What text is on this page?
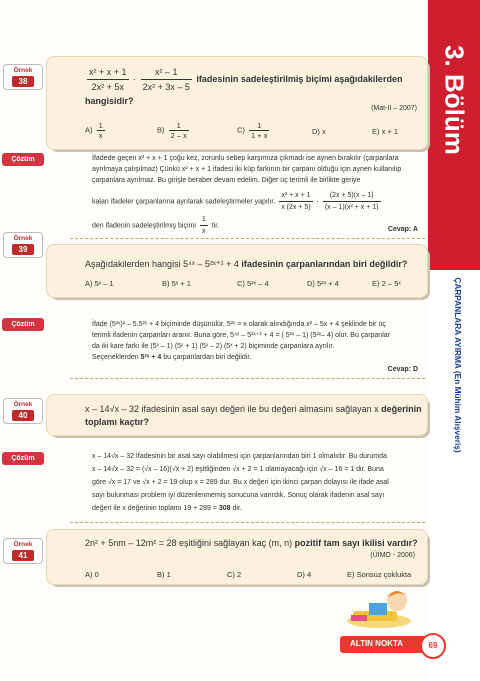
3. Bölüm
ÇARPANLARA AYIRMA (En Mühim Alışveriş)
Örnek
38	$\frac{\text{x² + x + 1}}{\text{2x² + 5x}} \cdot \frac{\text{x² – 1}}{\text{2x² + 3x – 5}}$ ifadesinin sadeleştirilmiş biçimi aşağıdakilerden hangisidir?
(Mat-II – 2007)
$A) \frac{1}{x}$	$B) \frac{1}{2 - x}$	$C) \frac{1}{1 + x}$	D) x	E) x + 1
Çözüm	İfadede geçen x² + x + 1 çoğu kez, zorunlu sebep karşımıza çıkmadı ise aynen bırakılır (çarpanlara ayrılmaya çalışılmaz) Çünkü x² + x + 1 ifadesi iki küp farkının bir çarpanı olduğu için aynen kullanılıp çarpanlara ayrılmaz. Bu girişle beraber devam edelim. Diğer üç terimli ile birlikte geriye
kalan ifadeler çarpanlarına ayrılarak sadeleştirmeler yapılır. $\frac{\text{x² + x + 1}}{x (2x + 5)} \cdot \frac{(2x + 5)(x - 1)}{\text{(x – 1)(x² + x + 1)}}$
den ifadenin sadeleştirilmiş biçimi $\frac{1}{x}$ tir.
Cevap: A
Örnek
39
Aşağıdakilerden hangisi 5⁴ˣ – 5²ˣ⁺¹ + 4 ifadesinin çarpanlarından biri değildir?
A) 5ˣ – 1	B) 5ˣ + 1	C) 5²ˣ – 4	D) 5²ˣ + 4	E) 2 – 5ˣ
Çözüm	İfade (5²ˣ)² – 5.5²ˣ + 4 biçiminde düşünülür. 5²ˣ = x olarak alındığında x² – 5x + 4 şeklinde bir üç
terimli ifadenin çarpanları aranır. Buna göre, 5⁴ˣ – 5²ˣ⁺¹ + 4 = ( 5²ˣ – 1) (5²ˣ– 4) olur. Bu çarpanlar
da iki kare farkı ile (5ˣ – 1) (5ˣ + 1) (5ˣ – 2) (5ˣ + 2) biçiminde çarpanlara ayrılır.
Seçeneklerden 5²ˣ + 4 bu çarpanlardan biri değildir.
Cevap: D
Örnek
40
x – 14√x – 32 ifadesinin asal sayı değeri ile bu değeri almasını sağlayan x değerinin toplamı kaçtır?
Çözüm	x – 14√x – 32 İfadesinin bir asal sayı olabilmesi için çarpanlarından biri 1 olmalıdır. Bu durumda
x – 14√x – 32 = (√x – 16)(√x + 2) eşitliğinden √x + 2 = 1 olamayacağı için √x – 16 = 1 dir. Buna
göre √x = 17 ve √x + 2 = 19 olup x = 289 dur. Bu x değeri için ikinci çarpan dolayısı ile ifade asal
sayı bulunması problem iyi düzenlenmemiş sonucuna varırdık. Sonuç olarak ifadenin asal sayı
değeri ile x değerinin toplamı 19 + 289 = 308 dir.
Örnek
41
2n² + 5nm – 12m² = 28 eşitliğini sağlayan kaç (m, n) pozitif tam sayı ikilisi vardır?
(ÜİMO - 2006)
A) 0	B) 1	C) 2	D) 4	E) Sonsuz çoklukta
ALTIN NOKTA	69
